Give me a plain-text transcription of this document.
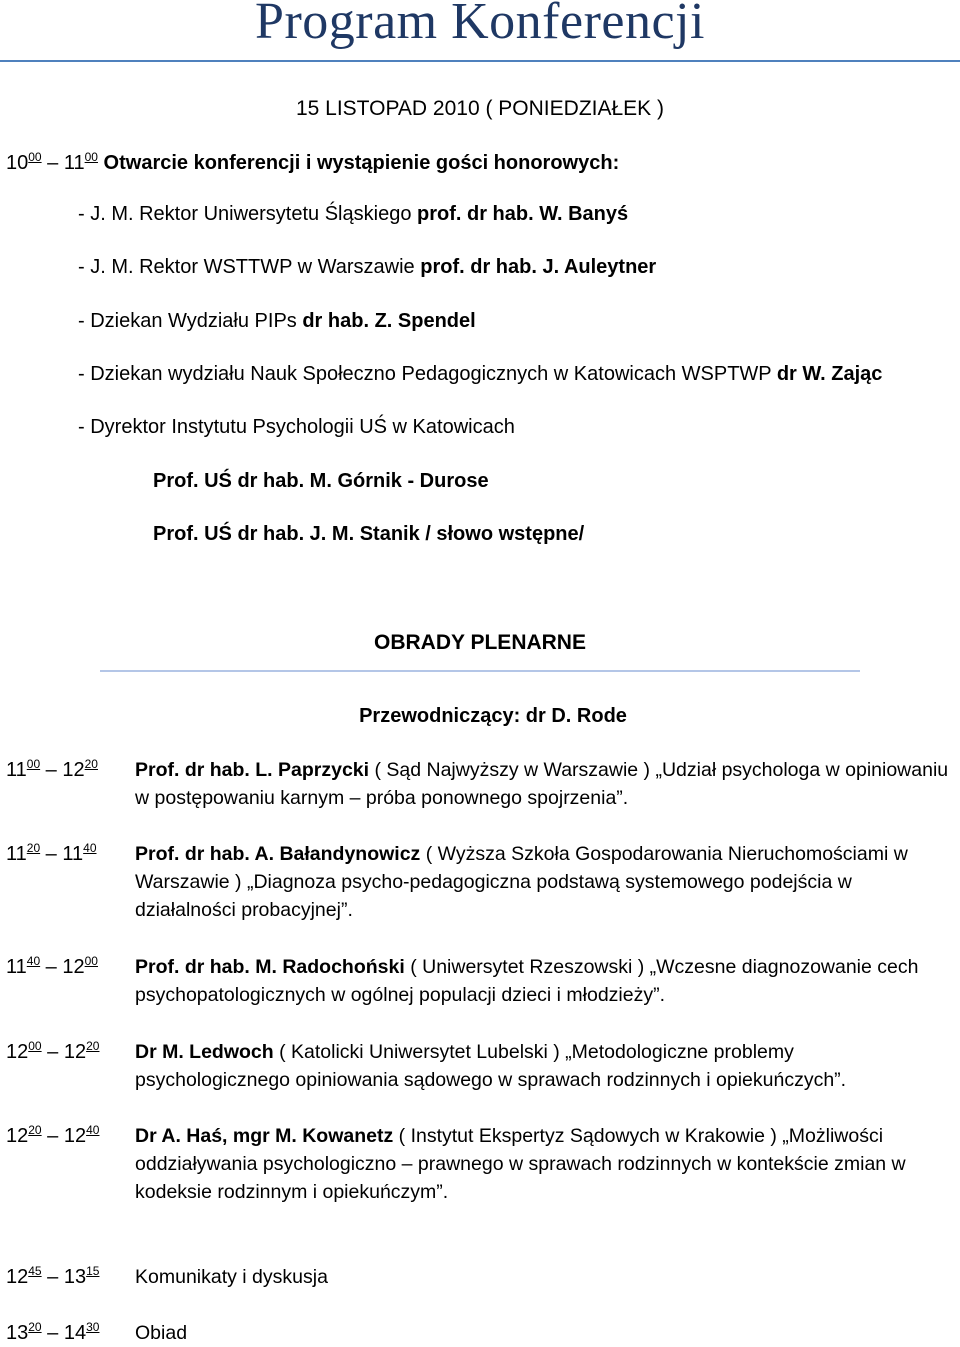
Program Konferencji
15 LISTOPAD 2010 ( PONIEDZIAŁEK )
$10^{00} - 11^{00}$ Otwarcie konferencji i wystąpienie gości honorowych:
- J. M. Rektor Uniwersytetu Śląskiego prof. dr hab. W. Banyś
- J. M. Rektor WSTTWP w Warszawie prof. dr hab. J. Auleytner
- Dziekan Wydziału PIPs dr hab. Z. Spendel
- Dziekan wydziału Nauk Społeczno Pedagogicznych w Katowicach WSPTWP dr W. Zając
- Dyrektor Instytutu Psychologii UŚ w Katowicach
Prof. UŚ dr hab. M. Górnik - Durose
Prof. UŚ dr hab. J. M. Stanik / słowo wstępne/
OBRADY PLENARNE
Przewodniczący: dr D. Rode
$11^{00} - 12^{20}$ Prof. dr hab. L. Paprzycki ( Sąd Najwyższy w Warszawie ) „Udział psychologa w opiniowaniu w postępowaniu karnym – próba ponownego spojrzenia”.
$11^{20} - 11^{40}$ Prof. dr hab. A. Bałandynowicz ( Wyższa Szkoła Gospodarowania Nieruchomościami w Warszawie ) „Diagnoza psycho-pedagogiczna podstawą systemowego podejścia w działalności probacyjnej”.
$11^{40} - 12^{00}$ Prof. dr hab. M. Radochoński ( Uniwersytet Rzeszowski ) „Wczesne diagnozowanie cech psychopatologicznych w ogólnej populacji dzieci i młodzieży”.
$12^{00} - 12^{20}$ Dr M. Ledwoch ( Katolicki Uniwersytet Lubelski ) „Metodologiczne problemy psychologicznego opiniowania sądowego w sprawach rodzinnych i opiekuńczych”.
$12^{20} - 12^{40}$ Dr A. Haś, mgr M. Kowanetz ( Instytut Ekspertyz Sądowych w Krakowie ) „Możliwości oddziaływania psychologiczno – prawnego w sprawach rodzinnych w kontekście zmian w kodeksie rodzinnym i opiekuńczym”.
$12^{45} - 13^{15}$ Komunikaty i dyskusja
$13^{20} - 14^{30}$ Obiad
